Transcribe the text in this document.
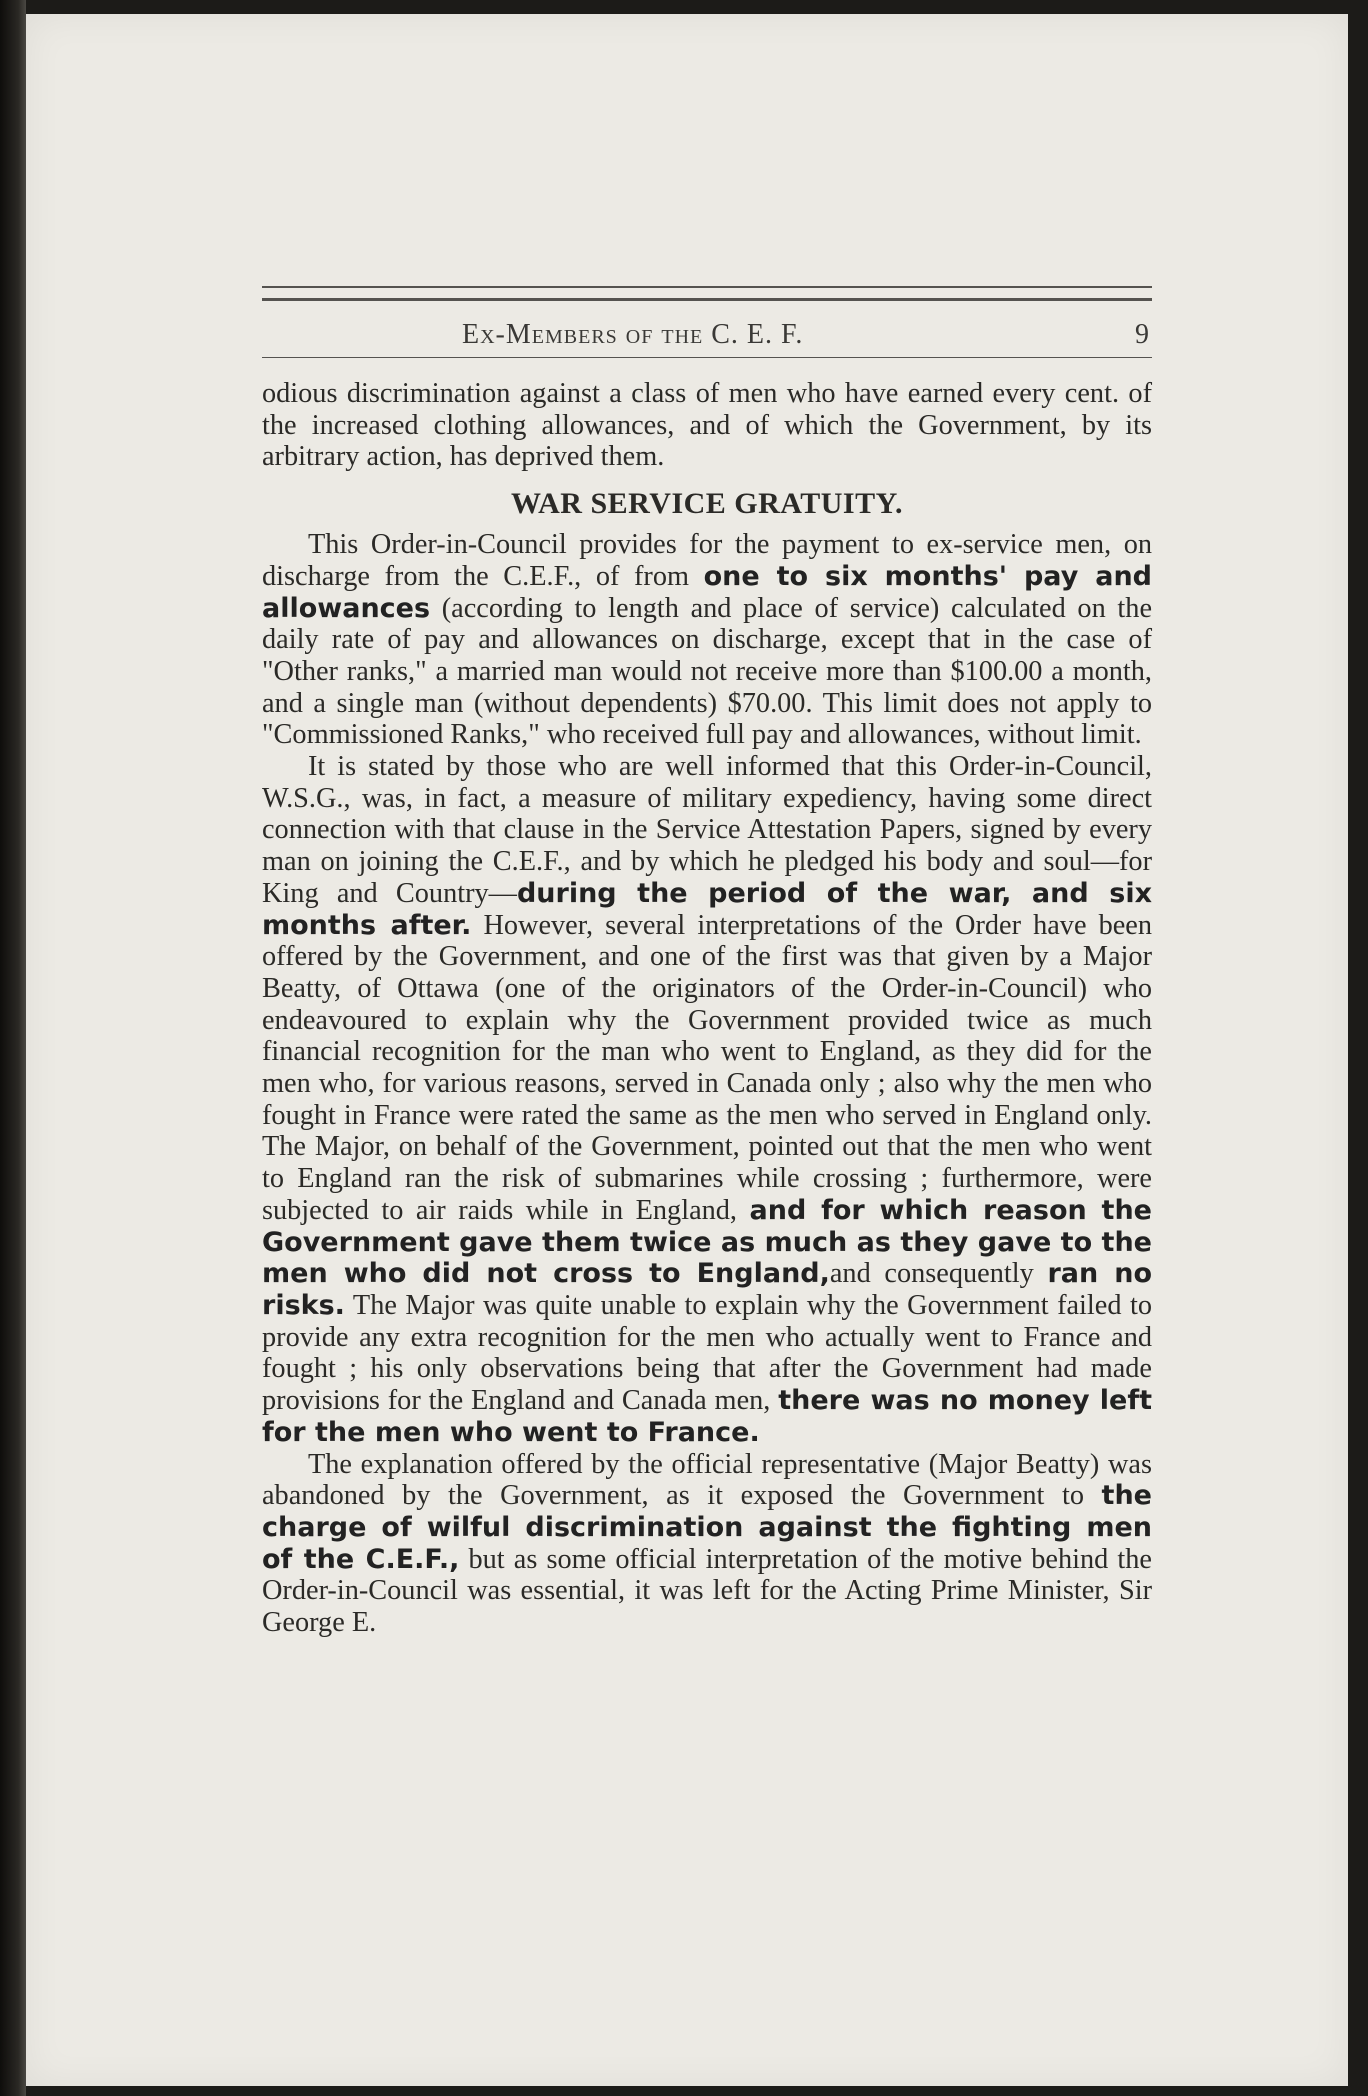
Ex-Members of the C. E. F.	9

odious discrimination against a class of men who have earned every cent. of the increased clothing allowances, and of which the Government, by its arbitrary action, has deprived them.

WAR SERVICE GRATUITY.

This Order-in-Council provides for the payment to ex-service men, on discharge from the C.E.F., of from one to six months' pay and allowances (according to length and place of service) calculated on the daily rate of pay and allowances on discharge, except that in the case of "Other ranks," a married man would not receive more than $100.00 a month, and a single man (without dependents) $70.00. This limit does not apply to "Commissioned Ranks," who received full pay and allowances, without limit.

It is stated by those who are well informed that this Order-in-Council, W.S.G., was, in fact, a measure of military expediency, having some direct connection with that clause in the Service Attestation Papers, signed by every man on joining the C.E.F., and by which he pledged his body and soul—for King and Country—during the period of the war, and six months after. However, several interpretations of the Order have been offered by the Government, and one of the first was that given by a Major Beatty, of Ottawa (one of the originators of the Order-in-Council) who endeavoured to explain why the Government provided twice as much financial recognition for the man who went to England, as they did for the men who, for various reasons, served in Canada only ; also why the men who fought in France were rated the same as the men who served in England only. The Major, on behalf of the Government, pointed out that the men who went to England ran the risk of submarines while crossing ; furthermore, were subjected to air raids while in England, and for which reason the Government gave them twice as much as they gave to the men who did not cross to England,and consequently ran no risks. The Major was quite unable to explain why the Government failed to provide any extra recognition for the men who actually went to France and fought ; his only observations being that after the Government had made provisions for the England and Canada men, there was no money left for the men who went to France.

The explanation offered by the official representative (Major Beatty) was abandoned by the Government, as it exposed the Government to the charge of wilful discrimination against the fighting men of the C.E.F., but as some official interpretation of the motive behind the Order-in-Council was essential, it was left for the Acting Prime Minister, Sir George E.
